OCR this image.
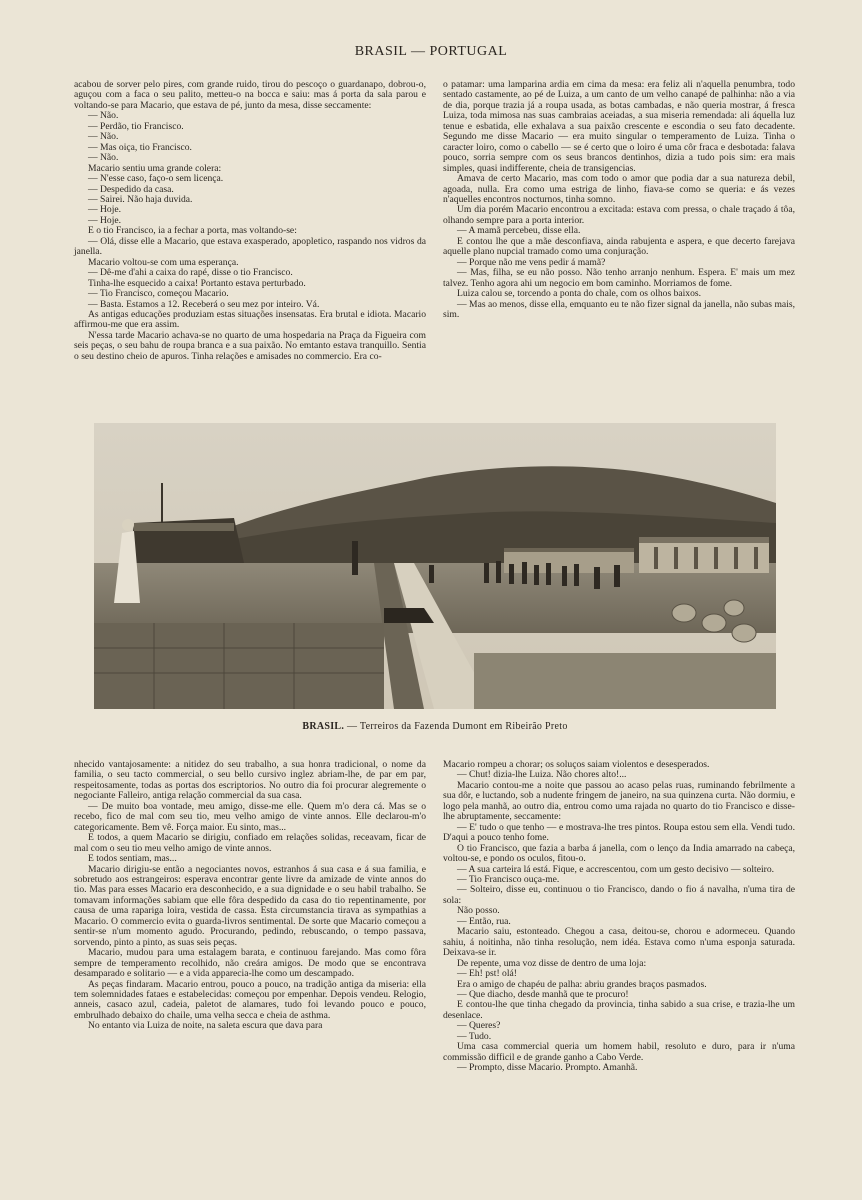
BRASIL — PORTUGAL

acabou de sorver pelo pires, com grande ruido, tirou do pescoço o guardanapo, dobrou-o, aguçou com a faca o seu palito, metteu-o na bocca e saiu: mas á porta da sala parou e voltando-se para Macario, que estava de pé, junto da mesa, disse seccamente:

— Não.

— Perdão, tio Francisco.

— Não.

— Mas oiça, tio Francisco.

— Não.

Macario sentiu uma grande colera:

— N'esse caso, faço-o sem licença.

— Despedido da casa.

— Sairei. Não haja duvida.

— Hoje.

— Hoje.

E o tio Francisco, ia a fechar a porta, mas voltando-se:

— Olá, disse elle a Macario, que estava exasperado, apopletico, raspando nos vidros da janella.

Macario voltou-se com uma esperança.

— Dê-me d'ahi a caixa do rapé, disse o tio Francisco.

Tinha-lhe esquecido a caixa! Portanto estava perturbado.

— Tio Francisco, começou Macario.

— Basta. Estamos a 12. Receberá o seu mez por inteiro. Vá.

As antigas educações produziam estas situações insensatas. Era brutal e idiota. Macario affirmou-me que era assim.

N'essa tarde Macario achava-se no quarto de uma hospedaria na Praça da Figueira com seis peças, o seu bahu de roupa branca e a sua paixão. No emtanto estava tranquillo. Sentia o seu destino cheio de apuros. Tinha relações e amisades no commercio. Era co-

o patamar: uma lamparina ardia em cima da mesa: era feliz ali n'aquella penumbra, todo sentado castamente, ao pé de Luiza, a um canto de um velho canapé de palhinha: não a via de dia, porque trazia já a roupa usada, as botas cambadas, e não queria mostrar, á fresca Luiza, toda mimosa nas suas cambraias aceiadas, a sua miseria remendada: ali áquella luz tenue e esbatida, elle exhalava a sua paixão crescente e escondia o seu fato decadente. Segundo me disse Macario — era muito singular o temperamento de Luiza. Tinha o caracter loiro, como o cabello — se é certo que o loiro é uma côr fraca e desbotada: falava pouco, sorria sempre com os seus brancos dentinhos, dizia a tudo pois sim: era mais simples, quasi indifferente, cheia de transigencias.

Amava de certo Macario, mas com todo o amor que podia dar a sua natureza debil, agoada, nulla. Era como uma estriga de linho, fiava-se como se queria: e ás vezes n'aquelles encontros nocturnos, tinha somno.

Um dia porém Macario encontrou a excitada: estava com pressa, o chale traçado á tôa, olhando sempre para a porta interior.

— A mamã percebeu, disse ella.

E contou lhe que a mãe desconfiava, ainda rabujenta e aspera, e que decerto farejava aquelle plano nupcial tramado como uma conjuração.

— Porque não me vens pedir á mamã?

— Mas, filha, se eu não posso. Não tenho arranjo nenhum. Espera. E' mais um mez talvez. Tenho agora ahi um negocio em bom caminho. Morriamos de fome.

Luiza calou se, torcendo a ponta do chale, com os olhos baixos.

— Mas ao menos, disse ella, emquanto eu te não fizer signal da janella, não subas mais, sim.

BRASIL. — Terreiros da Fazenda Dumont em Ribeirão Preto

nhecido vantajosamente: a nitidez do seu trabalho, a sua honra tradicional, o nome da familia, o seu tacto commercial, o seu bello cursivo inglez abriam-lhe, de par em par, respeitosamente, todas as portas dos escriptorios. No outro dia foi procurar alegremente o negociante Falleiro, antiga relação commercial da sua casa.

— De muito boa vontade, meu amigo, disse-me elle. Quem m'o dera cá. Mas se o recebo, fico de mal com seu tio, meu velho amigo de vinte annos. Elle declarou-m'o categoricamente. Bem vê. Força maior. Eu sinto, mas...

E todos, a quem Macario se dirigiu, confiado em relações solidas, receavam, ficar de mal com o seu tio meu velho amigo de vinte annos.

E todos sentiam, mas...

Macario dirigiu-se então a negociantes novos, estranhos á sua casa e á sua familia, e sobretudo aos estrangeiros: esperava encontrar gente livre da amizade de vinte annos do tio. Mas para esses Macario era desconhecido, e a sua dignidade e o seu habil trabalho. Se tomavam informações sabiam que elle fôra despedido da casa do tio repentinamente, por causa de uma rapariga loira, vestida de cassa. Esta circumstancia tirava as sympathias a Macario. O commercio evita o guarda-livros sentimental. De sorte que Macario começou a sentir-se n'um momento agudo. Procurando, pedindo, rebuscando, o tempo passava, sorvendo, pinto a pinto, as suas seis peças.

Macario, mudou para uma estalagem barata, e continuou farejando. Mas como fôra sempre de temperamento recolhido, não creára amigos. De modo que se encontrava desamparado e solitario — e a vida apparecia-lhe como um descampado.

As peças findaram. Macario entrou, pouco a pouco, na tradição antiga da miseria: ella tem solemnidades fataes e estabelecidas: começou por empenhar. Depois vendeu. Relogio, anneis, casaco azul, cadeia, paletot de alamares, tudo foi levando pouco e pouco, embrulhado debaixo do chaile, uma velha secca e cheia de asthma.

No entanto via Luiza de noite, na saleta escura que dava para

Macario rompeu a chorar; os soluços saiam violentos e desesperados.

— Chut! dizia-lhe Luiza. Não chores alto!...

Macario contou-me a noite que passou ao acaso pelas ruas, ruminando febrilmente a sua dôr, e luctando, sob a nudente fringem de janeiro, na sua quinzena curta. Não dormiu, e logo pela manhã, ao outro dia, entrou como uma rajada no quarto do tio Francisco e disse-lhe abruptamente, seccamente:

— E' tudo o que tenho — e mostrava-lhe tres pintos. Roupa estou sem ella. Vendi tudo. D'aqui a pouco tenho fome.

O tio Francisco, que fazia a barba á janella, com o lenço da India amarrado na cabeça, voltou-se, e pondo os oculos, fitou-o.

— A sua carteira lá está. Fique, e accrescentou, com um gesto decisivo — solteiro.

— Tio Francisco ouça-me.

— Solteiro, disse eu, continuou o tio Francisco, dando o fio á navalha, n'uma tira de sola:

Não posso.

— Então, rua.

Macario saiu, estonteado. Chegou a casa, deitou-se, chorou e adormeceu. Quando sahiu, á noitinha, não tinha resolução, nem idéa. Estava como n'uma esponja saturada. Deixava-se ir.

De repente, uma voz disse de dentro de uma loja:

— Eh! pst! olá!

Era o amigo de chapéu de palha: abriu grandes braços pasmados.

— Que diacho, desde manhã que te procuro!

E contou-lhe que tinha chegado da provincia, tinha sabido a sua crise, e trazia-lhe um desenlace.

— Queres?

— Tudo.

Uma casa commercial queria um homem habil, resoluto e duro, para ir n'uma commissão difficil e de grande ganho a Cabo Verde.

— Prompto, disse Macario. Prompto. Amanhã.
